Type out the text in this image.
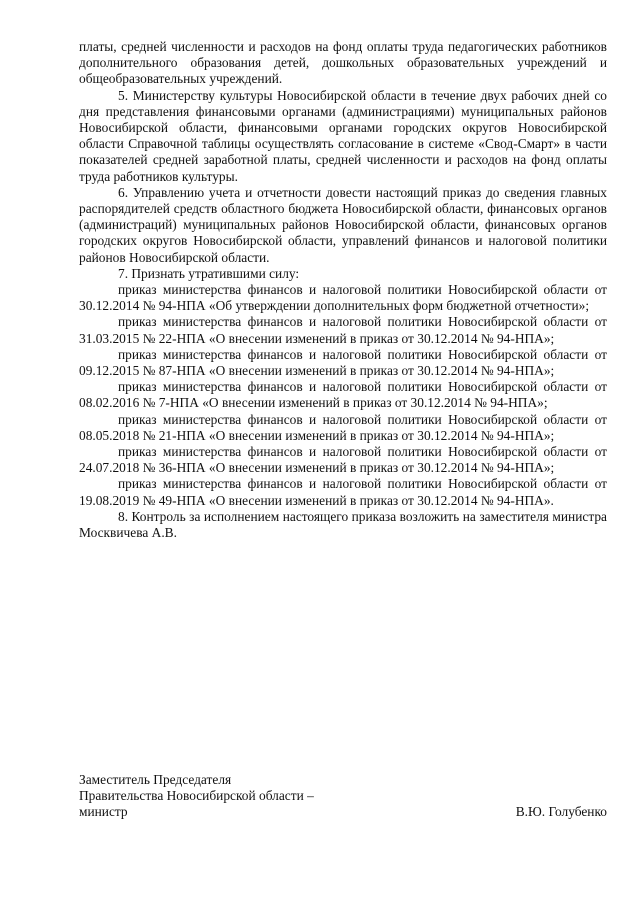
платы, средней численности и расходов на фонд оплаты труда педагогических работников дополнительного образования детей, дошкольных образовательных учреждений и общеобразовательных учреждений.

5. Министерству культуры Новосибирской области в течение двух рабочих дней со дня представления финансовыми органами (администрациями) муниципальных районов Новосибирской области, финансовыми органами городских округов Новосибирской области Справочной таблицы осуществлять согласование в системе «Свод-Смарт» в части показателей средней заработной платы, средней численности и расходов на фонд оплаты труда работников культуры.

6. Управлению учета и отчетности довести настоящий приказ до сведения главных распорядителей средств областного бюджета Новосибирской области, финансовых органов (администраций) муниципальных районов Новосибирской области, финансовых органов городских округов Новосибирской области, управлений финансов и налоговой политики районов Новосибирской области.

7. Признать утратившими силу:

приказ министерства финансов и налоговой политики Новосибирской области от 30.12.2014 № 94-НПА «Об утверждении дополнительных форм бюджетной отчетности»;

приказ министерства финансов и налоговой политики Новосибирской области от 31.03.2015 № 22-НПА «О внесении изменений в приказ от 30.12.2014 № 94-НПА»;

приказ министерства финансов и налоговой политики Новосибирской области от 09.12.2015 № 87-НПА «О внесении изменений в приказ от 30.12.2014 № 94-НПА»;

приказ министерства финансов и налоговой политики Новосибирской области от 08.02.2016 № 7-НПА «О внесении изменений в приказ от 30.12.2014 № 94-НПА»;

приказ министерства финансов и налоговой политики Новосибирской области от 08.05.2018 № 21-НПА «О внесении изменений в приказ от 30.12.2014 № 94-НПА»;

приказ министерства финансов и налоговой политики Новосибирской области от 24.07.2018 № 36-НПА «О внесении изменений в приказ от 30.12.2014 № 94-НПА»;

приказ министерства финансов и налоговой политики Новосибирской области от 19.08.2019 № 49-НПА «О внесении изменений в приказ от 30.12.2014 № 94-НПА».

8. Контроль за исполнением настоящего приказа возложить на заместителя министра Москвичева А.В.

Заместитель Председателя
Правительства Новосибирской области –
министр	В.Ю. Голубенко
